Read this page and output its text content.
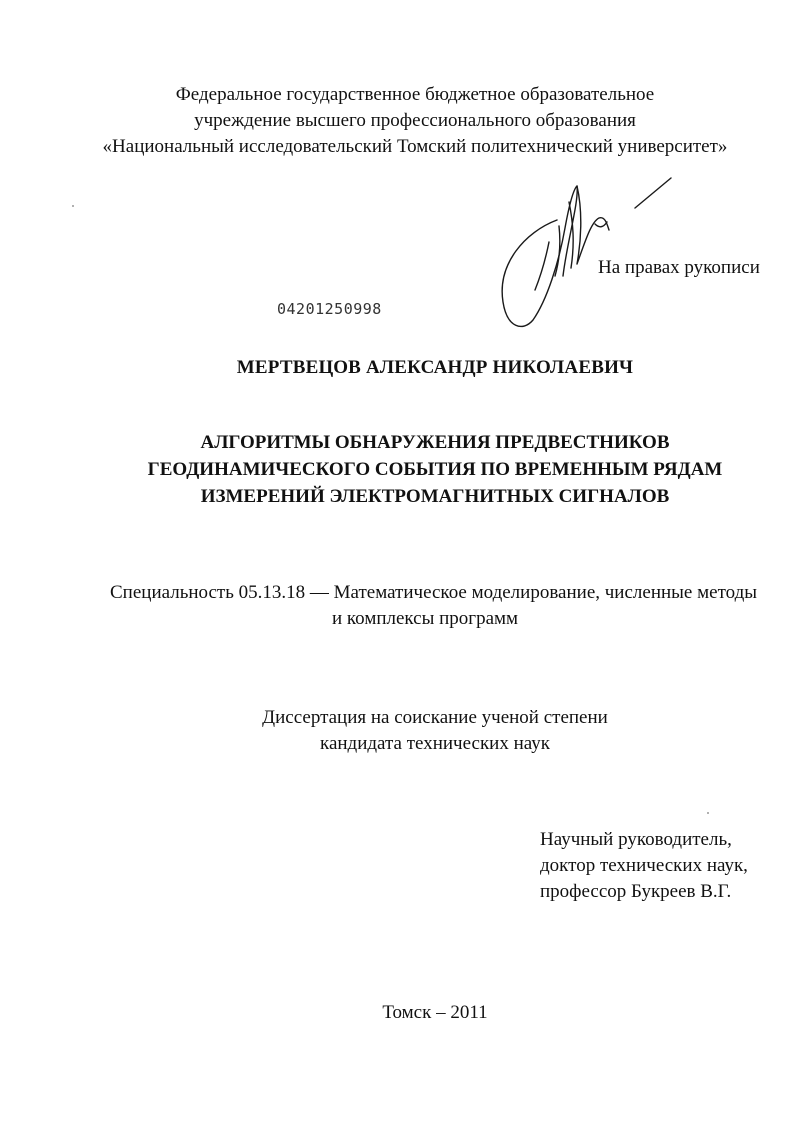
Федеральное государственное бюджетное образовательное
учреждение высшего профессионального образования
«Национальный исследовательский Томский политехнический университет»
На правах рукописи
04201250998
МЕРТВЕЦОВ АЛЕКСАНДР НИКОЛАЕВИЧ
АЛГОРИТМЫ ОБНАРУЖЕНИЯ ПРЕДВЕСТНИКОВ
ГЕОДИНАМИЧЕСКОГО СОБЫТИЯ ПО ВРЕМЕННЫМ РЯДАМ
ИЗМЕРЕНИЙ ЭЛЕКТРОМАГНИТНЫХ СИГНАЛОВ
Специальность 05.13.18 — Математическое моделирование, численные методы
и комплексы программ
Диссертация на соискание ученой степени
кандидата технических наук
Научный руководитель,
доктор технических наук,
профессор Букреев В.Г.
Томск – 2011
